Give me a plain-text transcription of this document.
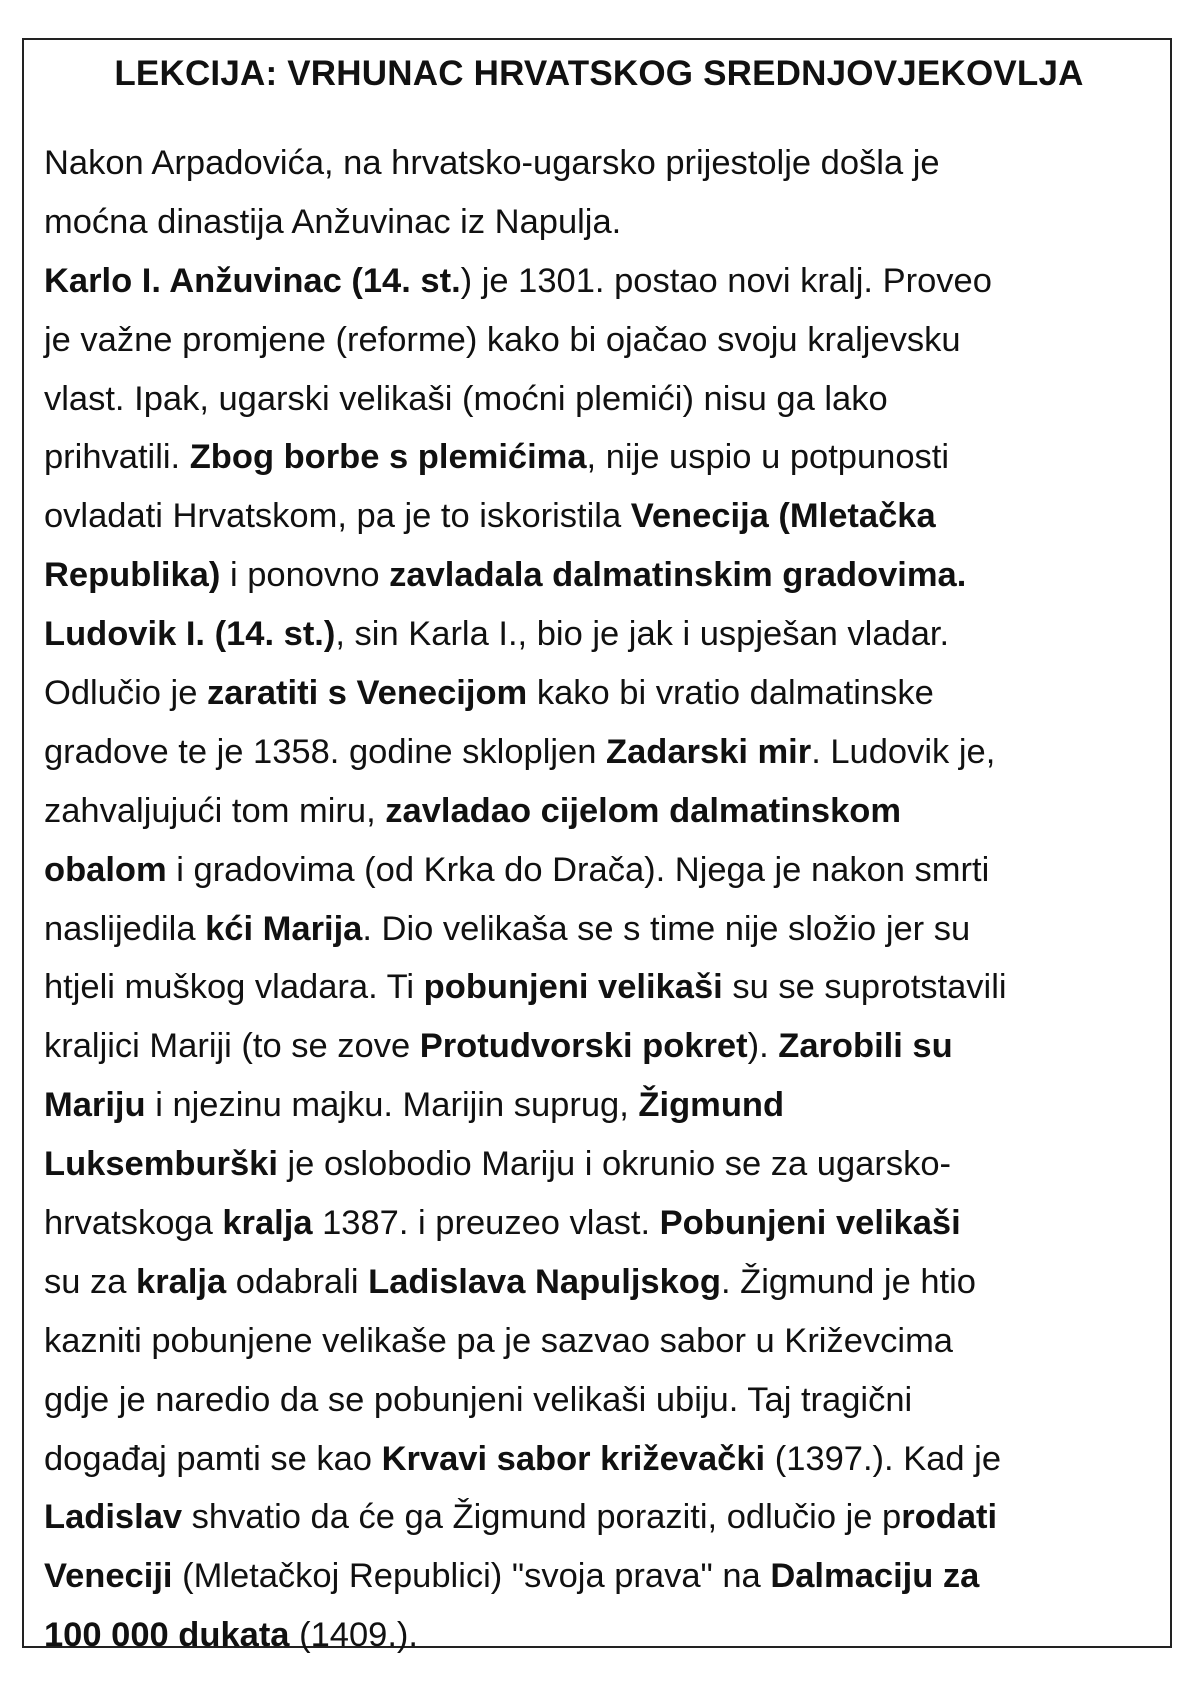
LEKCIJA: VRHUNAC HRVATSKOG SREDNJOVJEKOVLJA
Nakon Arpadovića, na hrvatsko-ugarsko prijestolje došla je
moćna dinastija Anžuvinac iz Napulja.
Karlo I. Anžuvinac (14. st.) je 1301. postao novi kralj. Proveo
je važne promjene (reforme) kako bi ojačao svoju kraljevsku
vlast. Ipak, ugarski velikaši (moćni plemići) nisu ga lako
prihvatili. Zbog borbe s plemićima, nije uspio u potpunosti
ovladati Hrvatskom, pa je to iskoristila Venecija (Mletačka
Republika) i ponovno zavladala dalmatinskim gradovima.
Ludovik I. (14. st.), sin Karla I., bio je jak i uspješan vladar.
Odlučio je zaratiti s Venecijom kako bi vratio dalmatinske
gradove te je 1358. godine sklopljen Zadarski mir. Ludovik je,
zahvaljujući tom miru, zavladao cijelom dalmatinskom
obalom i gradovima (od Krka do Drača). Njega je nakon smrti
naslijedila kći Marija. Dio velikaša se s time nije složio jer su
htjeli muškog vladara. Ti pobunjeni velikaši su se suprotstavili
kraljici Mariji (to se zove Protudvorski pokret). Zarobili su
Mariju i njezinu majku. Marijin suprug, Žigmund
Luksemburški je oslobodio Mariju i okrunio se za ugarsko-
hrvatskoga kralja 1387. i preuzeo vlast. Pobunjeni velikaši
su za kralja odabrali Ladislava Napuljskog. Žigmund je htio
kazniti pobunjene velikaše pa je sazvao sabor u Križevcima
gdje je naredio da se pobunjeni velikaši ubiju. Taj tragični
događaj pamti se kao Krvavi sabor križevački (1397.). Kad je
Ladislav shvatio da će ga Žigmund poraziti, odlučio je prodati
Veneciji (Mletačkoj Republici) "svoja prava" na Dalmaciju za
100 000 dukata (1409.).
